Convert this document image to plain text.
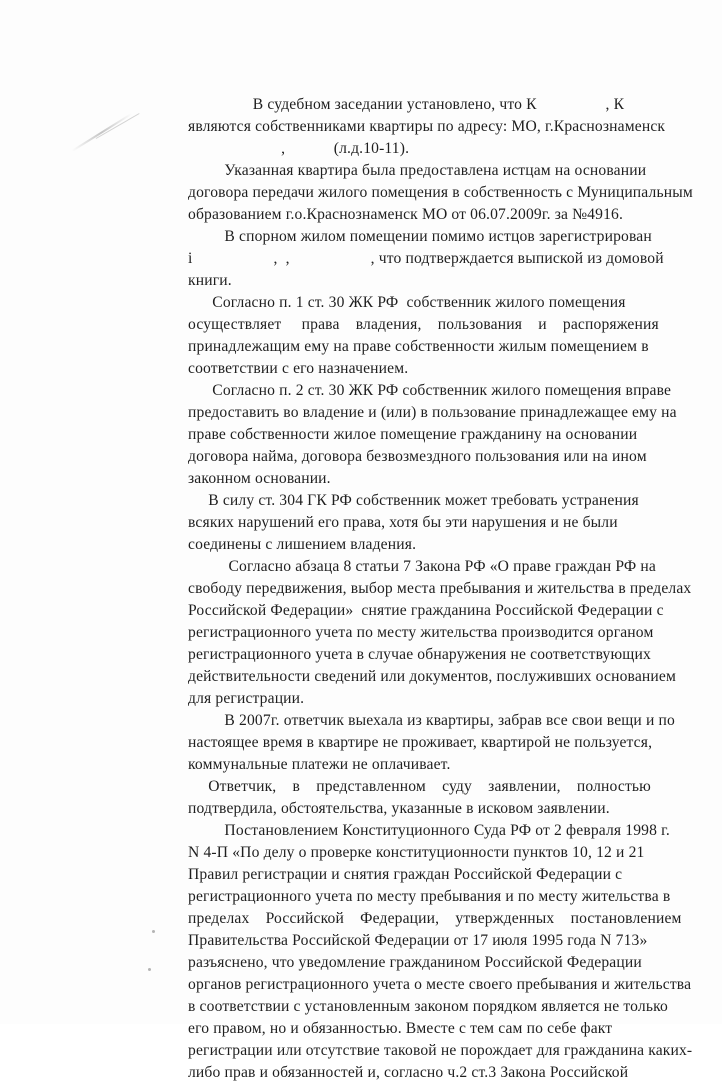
В судебном заседании установлено, что К                 , К
являются собственниками квартиры по адресу: МО, г.Краснознаменск
,            (л.д.10-11).
Указанная квартира была предоставлена истцам на основании
договора передачи жилого помещения в собственность с Муниципальным
образованием г.о.Краснознаменск МО от 06.07.2009г. за №4916.
В спорном жилом помещении помимо истцов зарегистрирован
i                    ,  ,                    , что подтверждается выпиской из домовой
книги.
Согласно п. 1 ст. 30 ЖК РФ  собственник жилого помещения
осуществляет     права    владения,    пользования    и    распоряжения
принадлежащим ему на праве собственности жилым помещением в
соответствии с его назначением.
Согласно п. 2 ст. 30 ЖК РФ собственник жилого помещения вправе
предоставить во владение и (или) в пользование принадлежащее ему на
праве собственности жилое помещение гражданину на основании
договора найма, договора безвозмездного пользования или на ином
законном основании.
В силу ст. 304 ГК РФ собственник может требовать устранения
всяких нарушений его права, хотя бы эти нарушения и не были
соединены с лишением владения.
Согласно абзаца 8 статьи 7 Закона РФ «О праве граждан РФ на
свободу передвижения, выбор места пребывания и жительства в пределах
Российской Федерации»  снятие гражданина Российской Федерации с
регистрационного учета по месту жительства производится органом
регистрационного учета в случае обнаружения не соответствующих
действительности сведений или документов, послуживших основанием
для регистрации.
В 2007г. ответчик выехала из квартиры, забрав все свои вещи и по
настоящее время в квартире не проживает, квартирой не пользуется,
коммунальные платежи не оплачивает.
Ответчик,    в    представленном    суду    заявлении,    полностью
подтвердила, обстоятельства, указанные в исковом заявлении.
Постановлением Конституционного Суда РФ от 2 февраля 1998 г.
N 4-П «По делу о проверке конституционности пунктов 10, 12 и 21
Правил регистрации и снятия граждан Российской Федерации с
регистрационного учета по месту пребывания и по месту жительства в
пределах    Российской    Федерации,    утвержденных    постановлением
Правительства Российской Федерации от 17 июля 1995 года N 713»
разъяснено, что уведомление гражданином Российской Федерации
органов регистрационного учета о месте своего пребывания и жительства
в соответствии с установленным законом порядком является не только
его правом, но и обязанностью. Вместе с тем сам по себе факт
регистрации или отсутствие таковой не порождает для гражданина каких-
либо прав и обязанностей и, согласно ч.2 ст.3 Закона Российской
